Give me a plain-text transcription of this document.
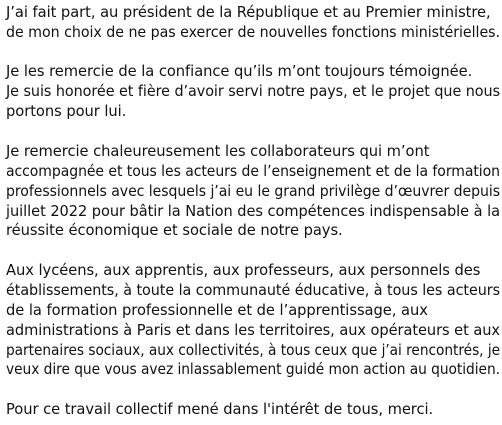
J’ai fait part, au président de la République et au Premier ministre,
de mon choix de ne pas exercer de nouvelles fonctions ministérielles.

Je les remercie de la confiance qu’ils m’ont toujours témoignée.
Je suis honorée et fière d’avoir servi notre pays, et le projet que nous
portons pour lui.

Je remercie chaleureusement les collaborateurs qui m’ont
accompagnée et tous les acteurs de l’enseignement et de la formation
professionnels avec lesquels j’ai eu le grand privilège d’œuvrer depuis
juillet 2022 pour bâtir la Nation des compétences indispensable à la
réussite économique et sociale de notre pays.

Aux lycéens, aux apprentis, aux professeurs, aux personnels des
établissements, à toute la communauté éducative, à tous les acteurs
de la formation professionnelle et de l’apprentissage, aux
administrations à Paris et dans les territoires, aux opérateurs et aux
partenaires sociaux, aux collectivités, à tous ceux que j’ai rencontrés, je
veux dire que vous avez inlassablement guidé mon action au quotidien.

Pour ce travail collectif mené dans l'intérêt de tous, merci.
